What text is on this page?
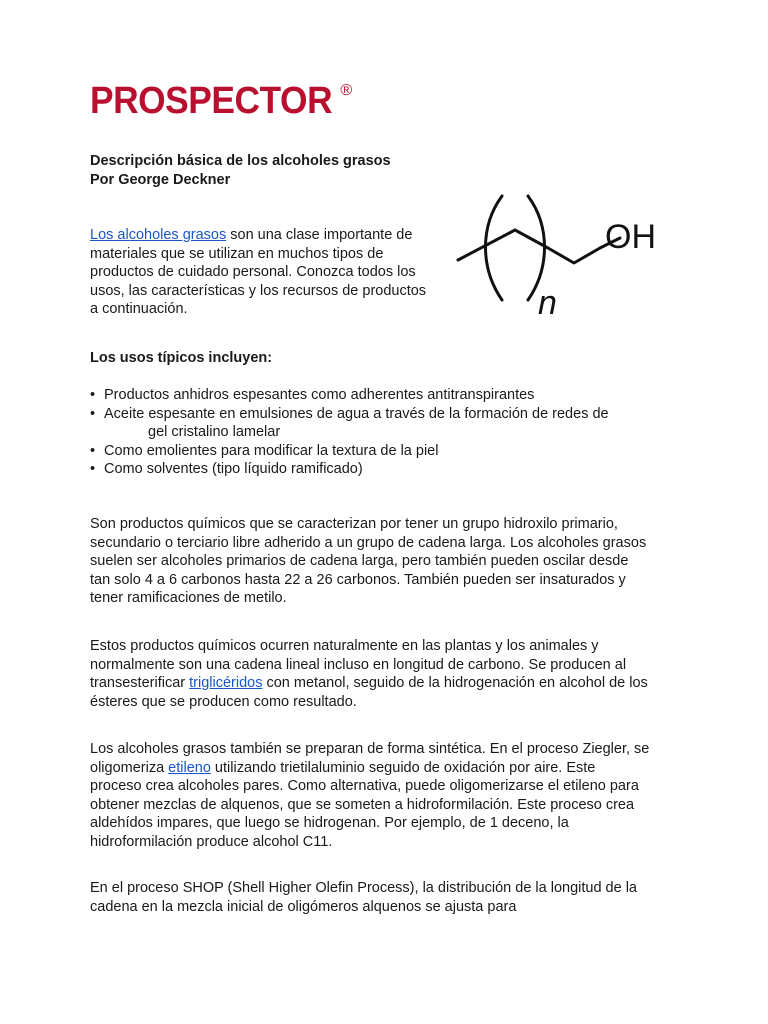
PROSPECTOR ®
Descripción básica de los alcoholes grasos
Por George Deckner

Los alcoholes grasos son una clase importante de materiales que se utilizan en muchos tipos de productos de cuidado personal. Conozca todos los usos, las características y los recursos de productos a continuación.

OH
n
Los usos típicos incluyen:
• Productos anhidros espesantes como adherentes antitranspirantes
• Aceite espesante en emulsiones de agua a través de la formación de redes de
gel cristalino lamelar
• Como emolientes para modificar la textura de la piel
• Como solventes (tipo líquido ramificado)

Son productos químicos que se caracterizan por tener un grupo hidroxilo primario, secundario o terciario libre adherido a un grupo de cadena larga. Los alcoholes grasos suelen ser alcoholes primarios de cadena larga, pero también pueden oscilar desde tan solo 4 a 6 carbonos hasta 22 a 26 carbonos. También pueden ser insaturados y tener ramificaciones de metilo.

Estos productos químicos ocurren naturalmente en las plantas y los animales y normalmente son una cadena lineal incluso en longitud de carbono. Se producen al transesterificar triglicéridos con metanol, seguido de la hidrogenación en alcohol de los ésteres que se producen como resultado.

Los alcoholes grasos también se preparan de forma sintética. En el proceso Ziegler, se oligomeriza etileno utilizando trietilaluminio seguido de oxidación por aire. Este proceso crea alcoholes pares. Como alternativa, puede oligomerizarse el etileno para obtener mezclas de alquenos, que se someten a hidroformilación. Este proceso crea aldehídos impares, que luego se hidrogenan. Por ejemplo, de 1 deceno, la hidroformilación produce alcohol C11.

En el proceso SHOP (Shell Higher Olefin Process), la distribución de la longitud de la cadena en la mezcla inicial de oligómeros alquenos se ajusta para
